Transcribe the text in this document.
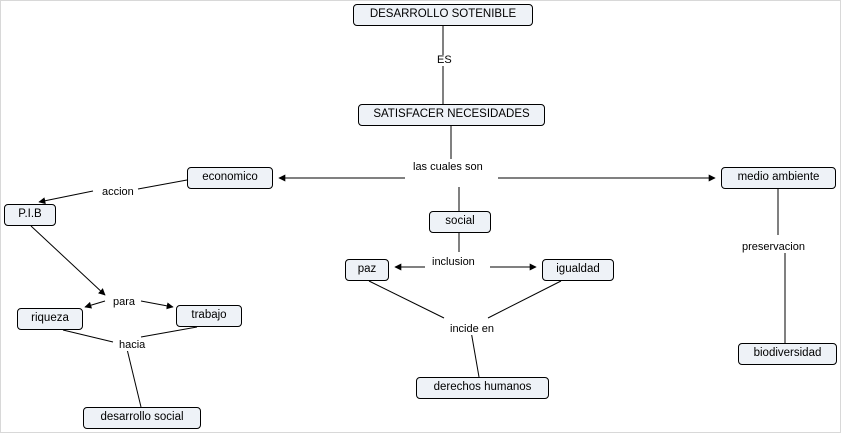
DESARROLLO SOTENIBLE
SATISFACER NECESIDADES
economico	medio ambiente
P.I.B
social
paz	igualdad
riqueza	trabajo
biodiversidad
derechos humanos
desarrollo social
ES
las cuales son
accion
preservacion
inclusion
para
incide en
hacia
